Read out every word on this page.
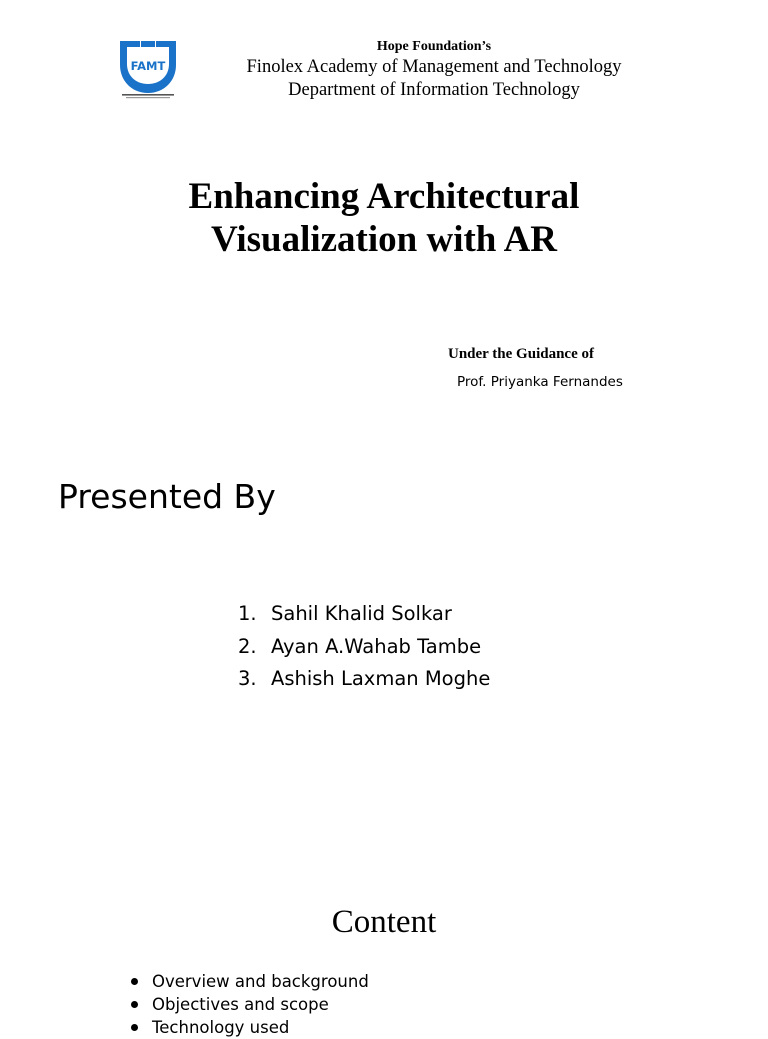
FAMT
Hope Foundation’s
Finolex Academy of Management and Technology
Department of Information Technology
Enhancing Architectural
Visualization with AR
Under the Guidance of
Prof. Priyanka Fernandes
Presented By
1. Sahil Khalid Solkar
2. Ayan A.Wahab Tambe
3. Ashish Laxman Moghe
Content
Overview and background
Objectives and scope
Technology used
